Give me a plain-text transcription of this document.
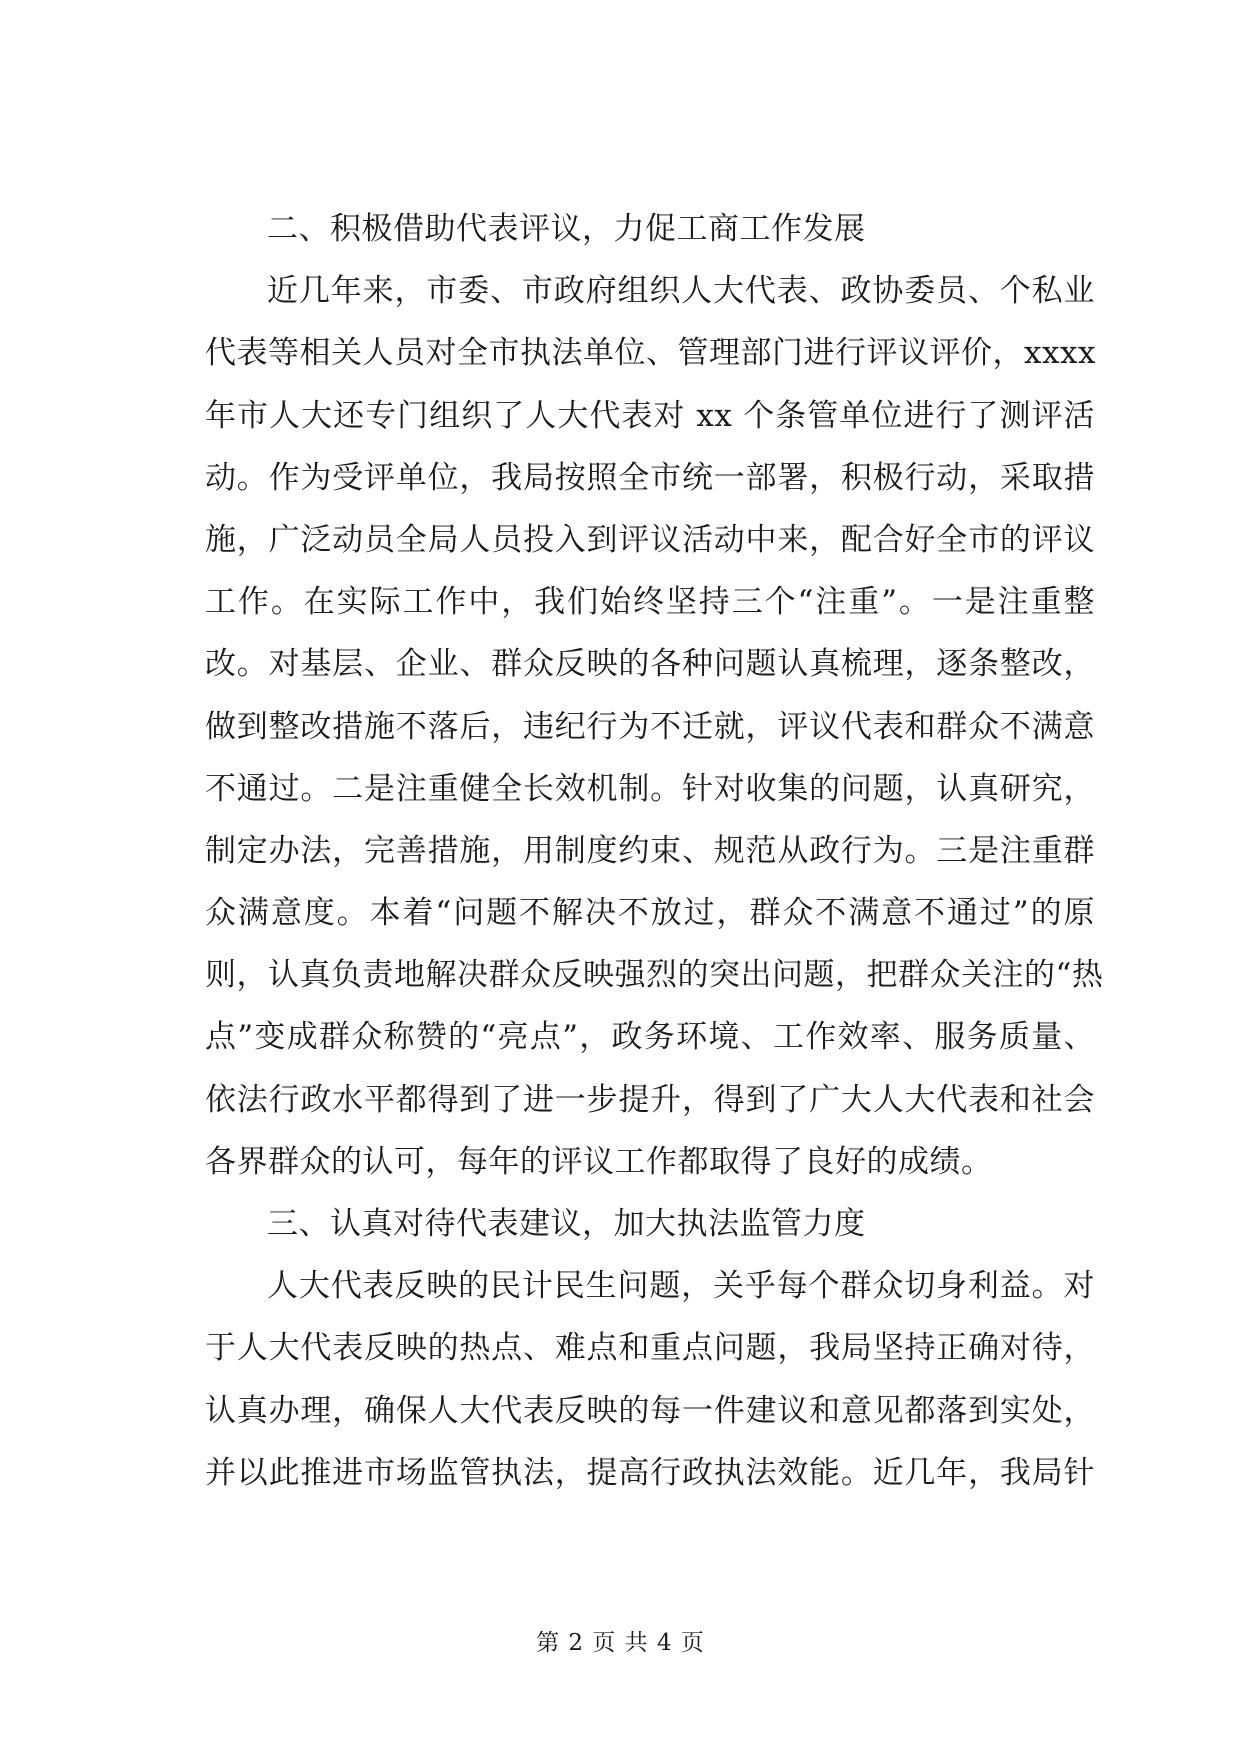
二、积极借助代表评议，力促工商工作发展
近几年来，市委、市政府组织人大代表、政协委员、个私业
代表等相关人员对全市执法单位、管理部门进行评议评价，xxxx
年市人大还专门组织了人大代表对 xx 个条管单位进行了测评活
动。作为受评单位，我局按照全市统一部署，积极行动，采取措
施，广泛动员全局人员投入到评议活动中来，配合好全市的评议
工作。在实际工作中，我们始终坚持三个“注重”。一是注重整
改。对基层、企业、群众反映的各种问题认真梳理，逐条整改，
做到整改措施不落后，违纪行为不迁就，评议代表和群众不满意
不通过。二是注重健全长效机制。针对收集的问题，认真研究，
制定办法，完善措施，用制度约束、规范从政行为。三是注重群
众满意度。本着“问题不解决不放过，群众不满意不通过”的原
则，认真负责地解决群众反映强烈的突出问题，把群众关注的“热
点”变成群众称赞的“亮点”，政务环境、工作效率、服务质量、
依法行政水平都得到了进一步提升，得到了广大人大代表和社会
各界群众的认可，每年的评议工作都取得了良好的成绩。
三、认真对待代表建议，加大执法监管力度
人大代表反映的民计民生问题，关乎每个群众切身利益。对
于人大代表反映的热点、难点和重点问题，我局坚持正确对待，
认真办理，确保人大代表反映的每一件建议和意见都落到实处，
并以此推进市场监管执法，提高行政执法效能。近几年，我局针
第 2 页 共 4 页
